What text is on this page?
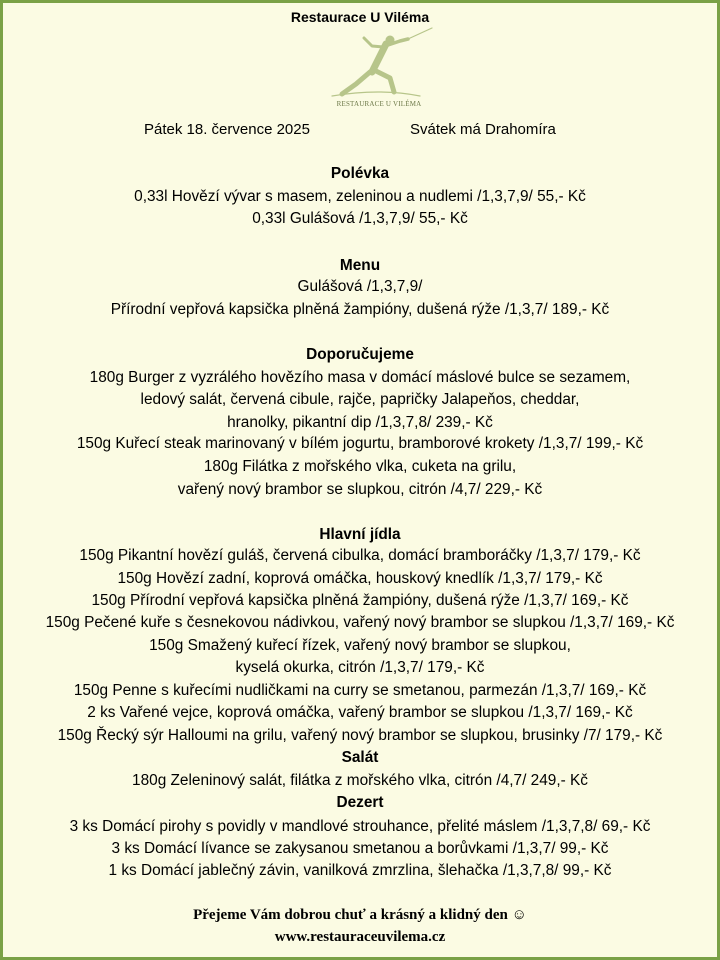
Restaurace U Viléma
RESTAURACE U VILÉMA
Pátek 18. července 2025	Svátek má Drahomíra
Polévka
0,33l Hovězí vývar s masem, zeleninou a nudlemi /1,3,7,9/ 55,- Kč
0,33l Gulášová /1,3,7,9/ 55,- Kč
Menu
Gulášová /1,3,7,9/
Přírodní vepřová kapsička plněná žampióny, dušená rýže /1,3,7/ 189,- Kč
Doporučujeme
180g Burger z vyzrálého hovězího masa v domácí máslové bulce se sezamem,
ledový salát, červená cibule, rajče, papričky Jalapeňos, cheddar,
hranolky, pikantní dip /1,3,7,8/ 239,- Kč
150g Kuřecí steak marinovaný v bílém jogurtu, bramborové krokety /1,3,7/ 199,- Kč
180g Filátka z mořského vlka, cuketa na grilu,
vařený nový brambor se slupkou, citrón /4,7/ 229,- Kč
Hlavní jídla
150g Pikantní hovězí guláš, červená cibulka, domácí bramboráčky /1,3,7/ 179,- Kč
150g Hovězí zadní, koprová omáčka, houskový knedlík /1,3,7/ 179,- Kč
150g Přírodní vepřová kapsička plněná žampióny, dušená rýže /1,3,7/ 169,- Kč
150g Pečené kuře s česnekovou nádivkou, vařený nový brambor se slupkou /1,3,7/ 169,- Kč
150g Smažený kuřecí řízek, vařený nový brambor se slupkou,
kyselá okurka, citrón /1,3,7/ 179,- Kč
150g Penne s kuřecími nudličkami na curry se smetanou, parmezán /1,3,7/ 169,- Kč
2 ks Vařené vejce, koprová omáčka, vařený brambor se slupkou /1,3,7/ 169,- Kč
150g Řecký sýr Halloumi na grilu, vařený nový brambor se slupkou, brusinky /7/ 179,- Kč
Salát
180g Zeleninový salát, filátka z mořského vlka, citrón /4,7/ 249,- Kč
Dezert
3 ks Domácí pirohy s povidly v mandlové strouhance, přelité máslem /1,3,7,8/ 69,- Kč
3 ks Domácí lívance se zakysanou smetanou a borůvkami /1,3,7/ 99,- Kč
1 ks Domácí jablečný závin, vanilková zmrzlina, šlehačka /1,3,7,8/ 99,- Kč
Přejeme Vám dobrou chuť a krásný a klidný den ☺
www.restauraceuvilema.cz
